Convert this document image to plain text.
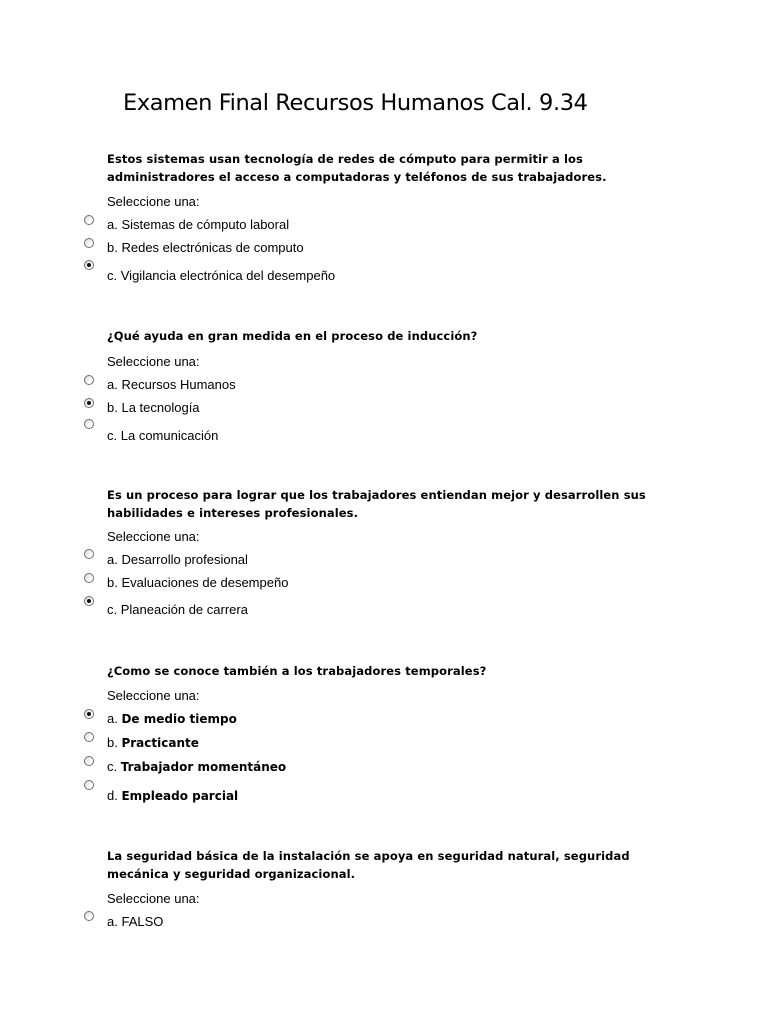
Examen Final Recursos Humanos Cal. 9.34

Estos sistemas usan tecnología de redes de cómputo para permitir a los administradores el acceso a computadoras y teléfonos de sus trabajadores.

Seleccione una:
a. Sistemas de cómputo laboral
b. Redes electrónicas de computo
c. Vigilancia electrónica del desempeño

¿Qué ayuda en gran medida en el proceso de inducción?

Seleccione una:
a. Recursos Humanos
b. La tecnología
c. La comunicación

Es un proceso para lograr que los trabajadores entiendan mejor y desarrollen sus habilidades e intereses profesionales.

Seleccione una:
a. Desarrollo profesional
b. Evaluaciones de desempeño
c. Planeación de carrera

¿Como se conoce también a los trabajadores temporales?

Seleccione una:
a. De medio tiempo
b. Practicante
c. Trabajador momentáneo
d. Empleado parcial

La seguridad básica de la instalación se apoya en seguridad natural, seguridad mecánica y seguridad organizacional.

Seleccione una:
a. FALSO
